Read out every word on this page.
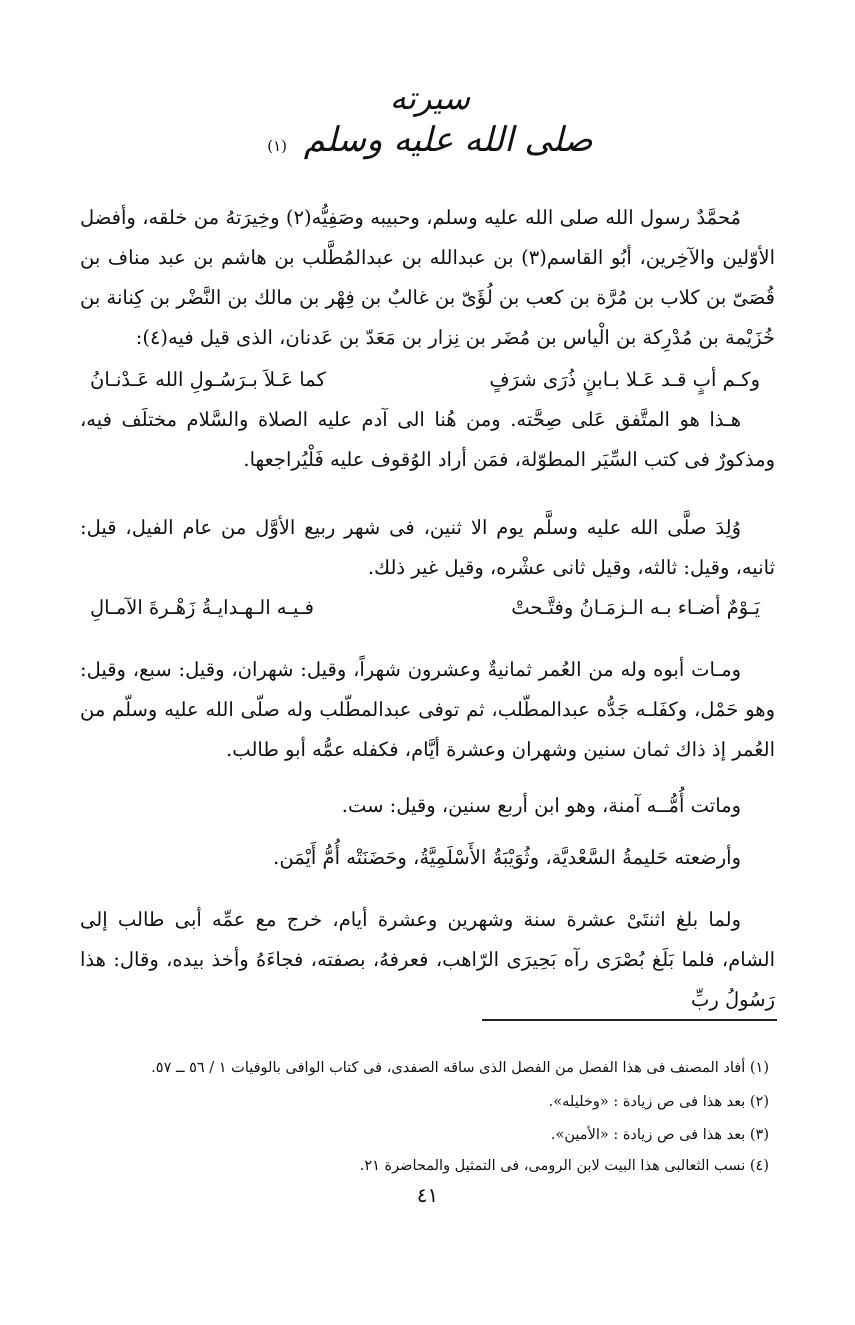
سيرته
صلى الله عليه وسلم (١)

مُحمَّدٌ رسول الله صلى الله عليه وسلم، وحبيبه وصَفِيُّه(٢) وخِيرَتهُ من خلقه، وأفضل الأوّلين والآخِرين، أبُو القاسم(٣) بن عبدالله بن عبدالمُطَّلب بن هاشم بن عبد مناف بن قُصَىّ بن كلاب بن مُرَّة بن كعب بن لُؤَىّ بن غالبٌ بن فِهْر بن مالك بن النَّضْر بن كِنانة بن خُزَيْمة بن مُدْرِكة بن الْياس بن مُضَر بن نِزار بن مَعَدّ بن عَدنان، الذى قيل فيه(٤):

وكـم أبٍ قـد عَـلا بـابنٍ ذُرَى شرَفٍ
كما عَـلاَ بـرَسُـولِ الله عَـدْنـانُ

هـذا هو المتَّفق عَلى صِحَّته. ومن هُنا الى آدم عليه الصلاة والسَّلام مختلَف فيه، ومذكورٌ فى كتب السِّيَر المطوّلة، فمَن أراد الوُقوف عليه فَلْيُراجعها.

وُلِدَ صلَّى الله عليه وسلَّم يوم الا ثنين، فى شهر ربيع الأوَّل من عام الفيل، قيل: ثانيه، وقيل: ثالثه، وقيل ثانى عشْره، وقيل غير ذلك.

يَـوْمٌ أضـاء بـه الـزمَـانُ وفتَّـحتْ
فـيـه الـهـدايـةُ زَهْـرةَ الآمـالِ

ومـات أبوه وله من العُمر ثمانيةٌ وعشرون شهراً، وقيل: شهران، وقيل: سبع، وقيل: وهو حَمْل، وكفَلـه جَدُّه عبدالمطّلب، ثم توفى عبدالمطّلب وله صلّى الله عليه وسلّم من العُمر إذ ذاك ثمان سنين وشهران وعشرة أيَّام، فكفله عمُّه أبو طالب.

وماتت أُمُّــه آمنة، وهو ابن أربع سنين، وقيل: ست.

وأرضعته حَليمةُ السَّعْديَّة، وثُوَيْبَةُ الأَسْلَمِيَّةُ، وحَضَنَتْه أُمُّ أَيْمَن.

ولما بلغ اثنتَىْ عشرة سنة وشهرين وعشرة أيام، خرج مع عمِّه أبى طالب إلى الشام، فلما بَلَغ بُصْرَى رآه بَحِيرَى الرّاهب، فعرفهُ، بصفته، فجاءَهُ وأخذ بيده، وقال: هذا رَسُولُ ربِّ

(١) أفاد المصنف فى هذا الفصل من الفصل الذى ساقه الصفدى، فى كتاب الوافى بالوفيات ١ / ٥٦ ــ ٥٧.

(٢) بعد هذا فى ص زيادة : «وخليله».

(٣) بعد هذا فى ص زيادة : «الأمين».

(٤) نسب الثعالبى هذا البيت لابن الرومى، فى التمثيل والمحاضرة ٢١.

٤١
